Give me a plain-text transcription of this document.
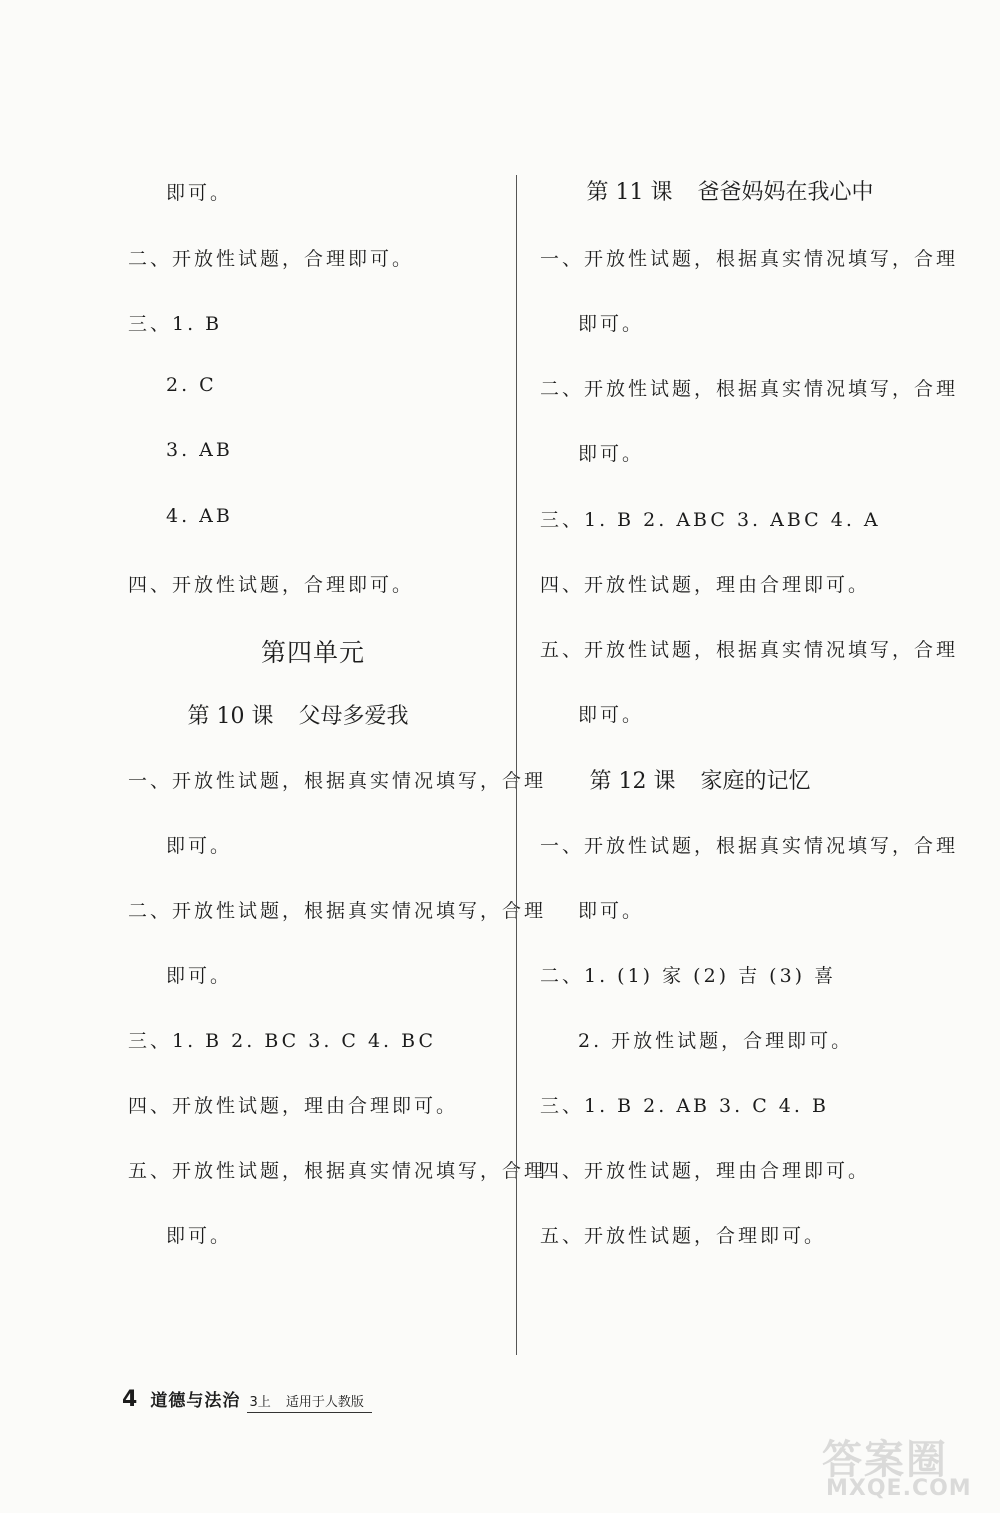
即可。
二、开放性试题，合理即可。
三、1. B
2. C
3. AB
4. AB
四、开放性试题，合理即可。
第四单元
第 10 课 父母多爱我
一、开放性试题，根据真实情况填写，合理
即可。
二、开放性试题，根据真实情况填写，合理
即可。
三、1. B 2. BC 3. C 4. BC
四、开放性试题，理由合理即可。
五、开放性试题，根据真实情况填写，合理
即可。
第 11 课 爸爸妈妈在我心中
一、开放性试题，根据真实情况填写，合理
即可。
二、开放性试题，根据真实情况填写，合理
即可。
三、1. B 2. ABC 3. ABC 4. A
四、开放性试题，理由合理即可。
五、开放性试题，根据真实情况填写，合理
即可。
第 12 课 家庭的记忆
一、开放性试题，根据真实情况填写，合理
即可。
二、1. (1) 家 (2) 吉 (3) 喜
2. 开放性试题，合理即可。
三、1. B 2. AB 3. C 4. B
四、开放性试题，理由合理即可。
五、开放性试题，合理即可。
4 道德与法治 3上 适用于人教版
答案圈
MXQE.COM
